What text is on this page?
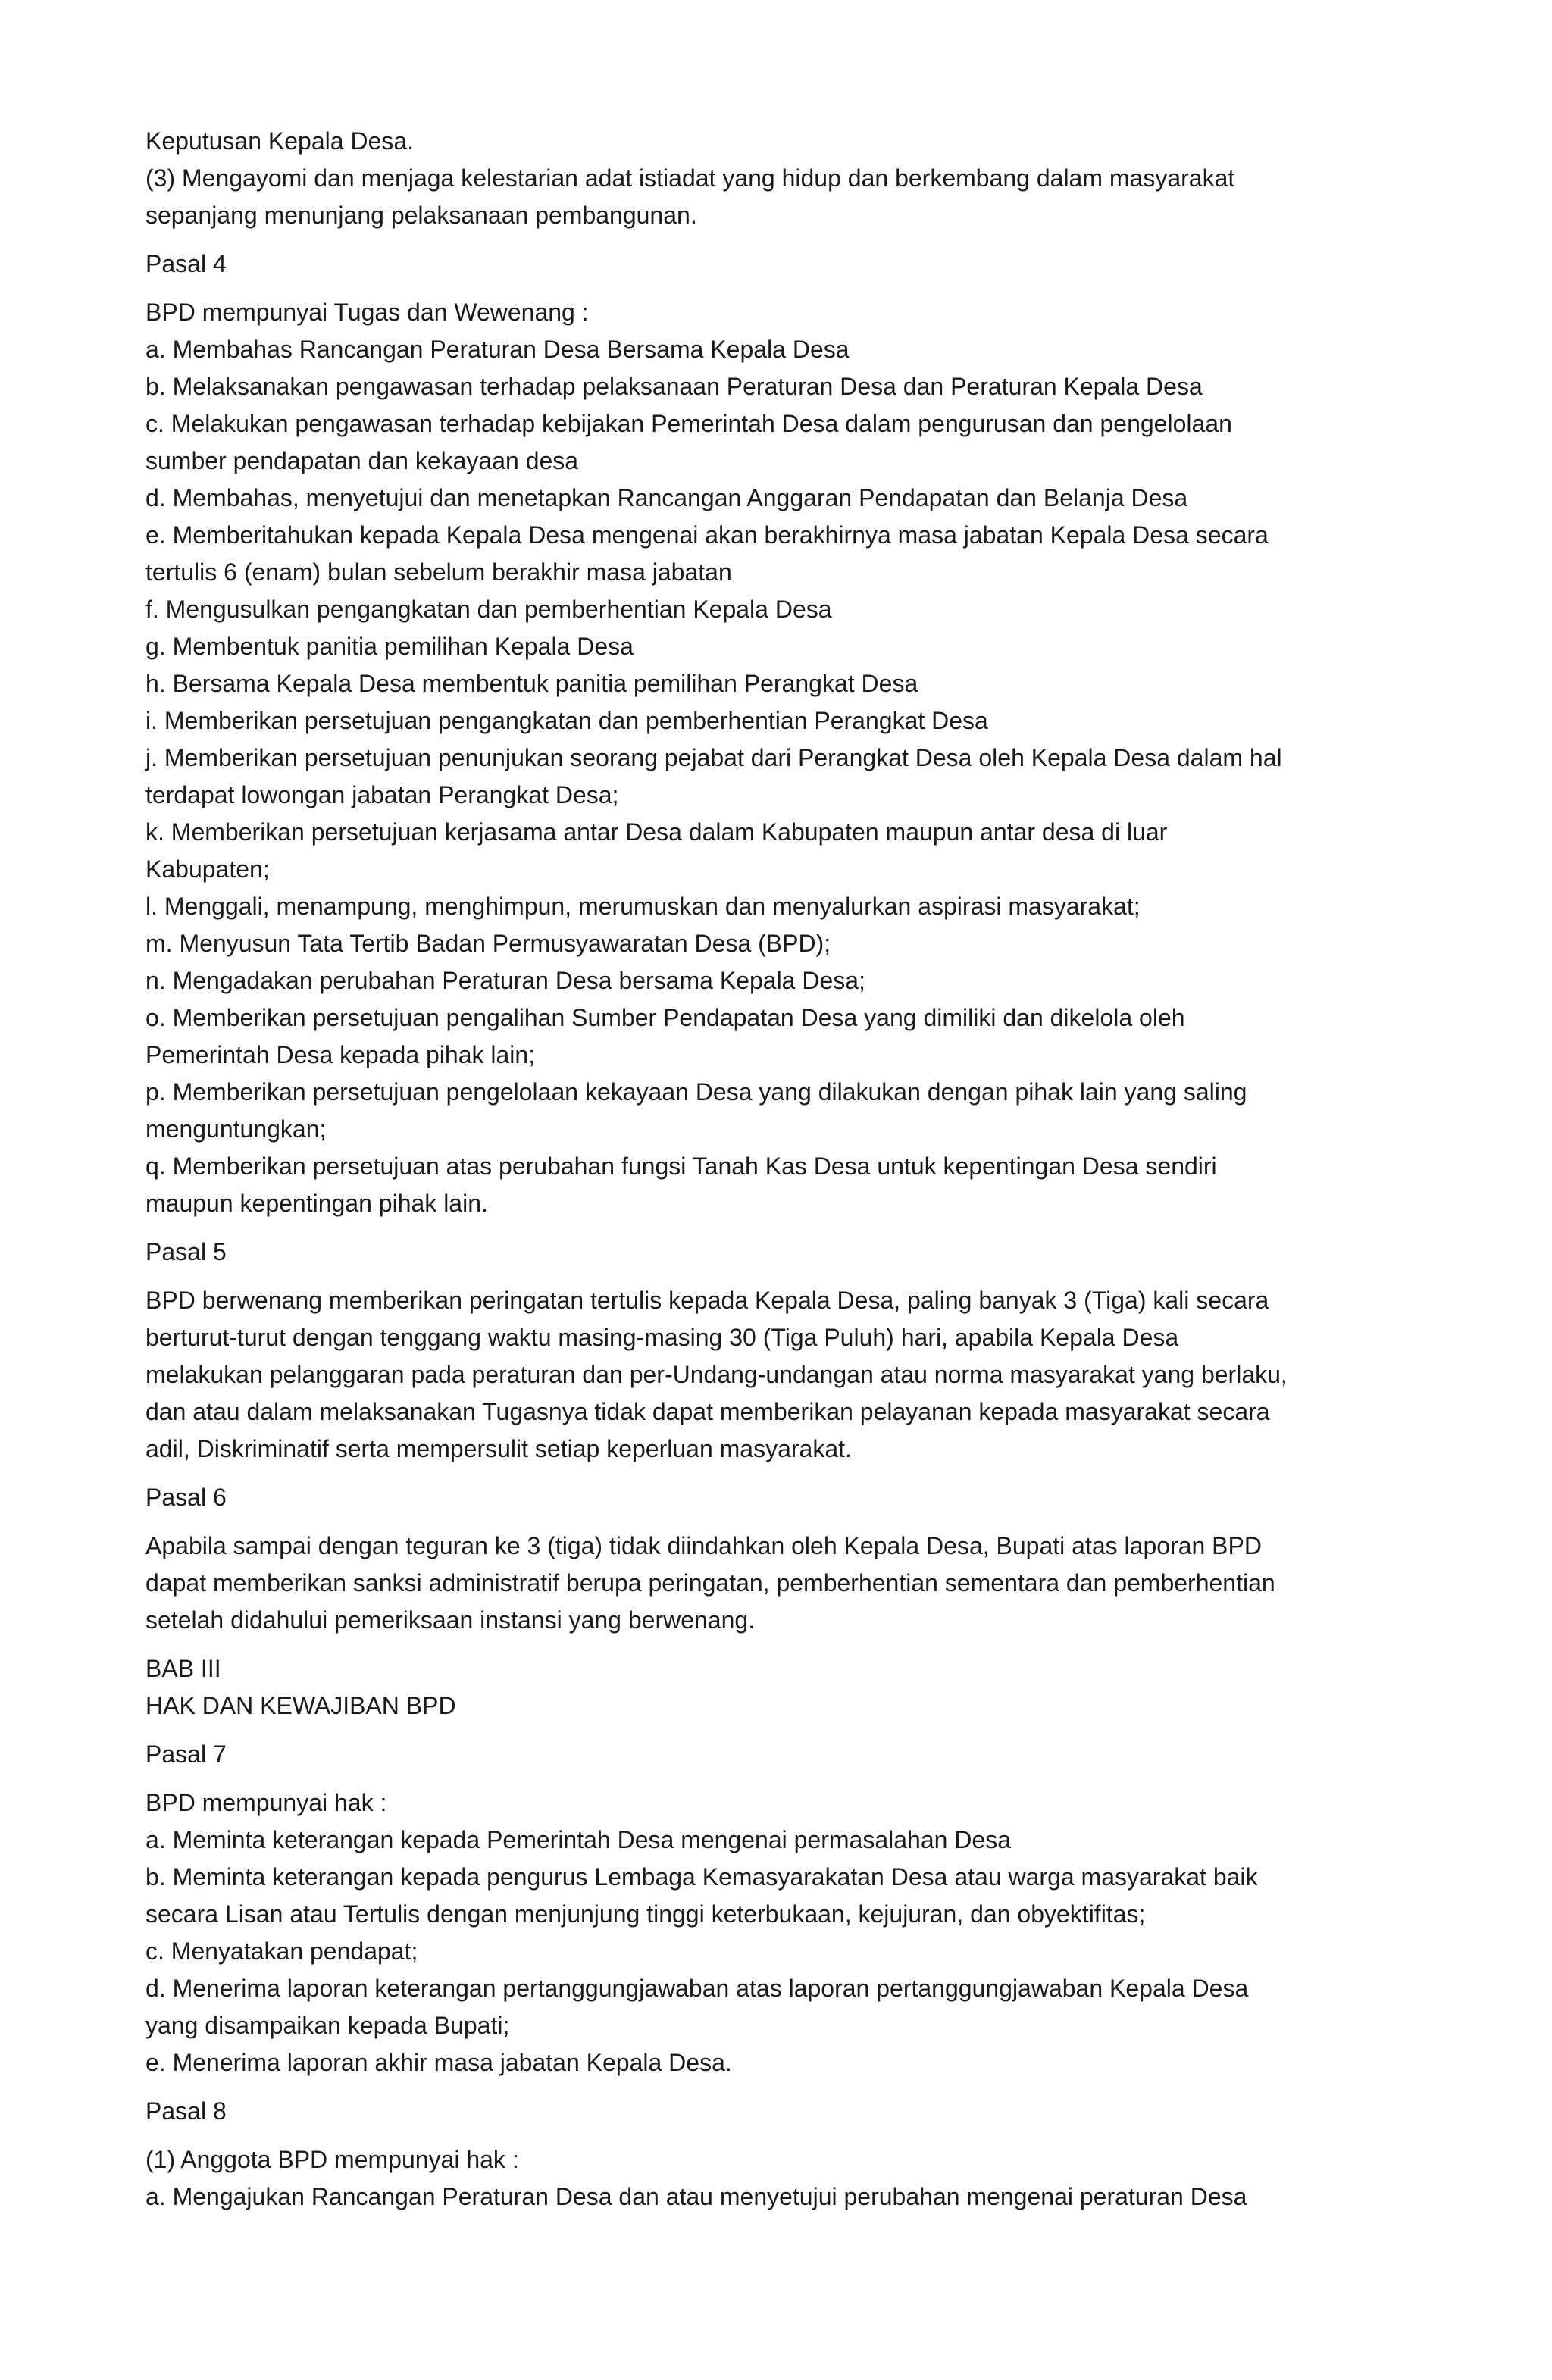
Keputusan Kepala Desa.
(3) Mengayomi dan menjaga kelestarian adat istiadat yang hidup dan berkembang dalam masyarakat
sepanjang menunjang pelaksanaan pembangunan.
Pasal 4
BPD mempunyai Tugas dan Wewenang :
a. Membahas Rancangan Peraturan Desa Bersama Kepala Desa
b. Melaksanakan pengawasan terhadap pelaksanaan Peraturan Desa dan Peraturan Kepala Desa
c. Melakukan pengawasan terhadap kebijakan Pemerintah Desa dalam pengurusan dan pengelolaan
sumber pendapatan dan kekayaan desa
d. Membahas, menyetujui dan menetapkan Rancangan Anggaran Pendapatan dan Belanja Desa
e. Memberitahukan kepada Kepala Desa mengenai akan berakhirnya masa jabatan Kepala Desa secara
tertulis 6 (enam) bulan sebelum berakhir masa jabatan
f. Mengusulkan pengangkatan dan pemberhentian Kepala Desa
g. Membentuk panitia pemilihan Kepala Desa
h. Bersama Kepala Desa membentuk panitia pemilihan Perangkat Desa
i. Memberikan persetujuan pengangkatan dan pemberhentian Perangkat Desa
j. Memberikan persetujuan penunjukan seorang pejabat dari Perangkat Desa oleh Kepala Desa dalam hal
terdapat lowongan jabatan Perangkat Desa;
k. Memberikan persetujuan kerjasama antar Desa dalam Kabupaten maupun antar desa di luar
Kabupaten;
l. Menggali, menampung, menghimpun, merumuskan dan menyalurkan aspirasi masyarakat;
m. Menyusun Tata Tertib Badan Permusyawaratan Desa (BPD);
n. Mengadakan perubahan Peraturan Desa bersama Kepala Desa;
o. Memberikan persetujuan pengalihan Sumber Pendapatan Desa yang dimiliki dan dikelola oleh
Pemerintah Desa kepada pihak lain;
p. Memberikan persetujuan pengelolaan kekayaan Desa yang dilakukan dengan pihak lain yang saling
menguntungkan;
q. Memberikan persetujuan atas perubahan fungsi Tanah Kas Desa untuk kepentingan Desa sendiri
maupun kepentingan pihak lain.
Pasal 5
BPD berwenang memberikan peringatan tertulis kepada Kepala Desa, paling banyak 3 (Tiga) kali secara
berturut-turut dengan tenggang waktu masing-masing 30 (Tiga Puluh) hari, apabila Kepala Desa
melakukan pelanggaran pada peraturan dan per-Undang-undangan atau norma masyarakat yang berlaku,
dan atau dalam melaksanakan Tugasnya tidak dapat memberikan pelayanan kepada masyarakat secara
adil, Diskriminatif serta mempersulit setiap keperluan masyarakat.
Pasal 6
Apabila sampai dengan teguran ke 3 (tiga) tidak diindahkan oleh Kepala Desa, Bupati atas laporan BPD
dapat memberikan sanksi administratif berupa peringatan, pemberhentian sementara dan pemberhentian
setelah didahului pemeriksaan instansi yang berwenang.
BAB III
HAK DAN KEWAJIBAN BPD
Pasal 7
BPD mempunyai hak :
a. Meminta keterangan kepada Pemerintah Desa mengenai permasalahan Desa
b. Meminta keterangan kepada pengurus Lembaga Kemasyarakatan Desa atau warga masyarakat baik
secara Lisan atau Tertulis dengan menjunjung tinggi keterbukaan, kejujuran, dan obyektifitas;
c. Menyatakan pendapat;
d. Menerima laporan keterangan pertanggungjawaban atas laporan pertanggungjawaban Kepala Desa
yang disampaikan kepada Bupati;
e. Menerima laporan akhir masa jabatan Kepala Desa.
Pasal 8
(1) Anggota BPD mempunyai hak :
a. Mengajukan Rancangan Peraturan Desa dan atau menyetujui perubahan mengenai peraturan Desa
